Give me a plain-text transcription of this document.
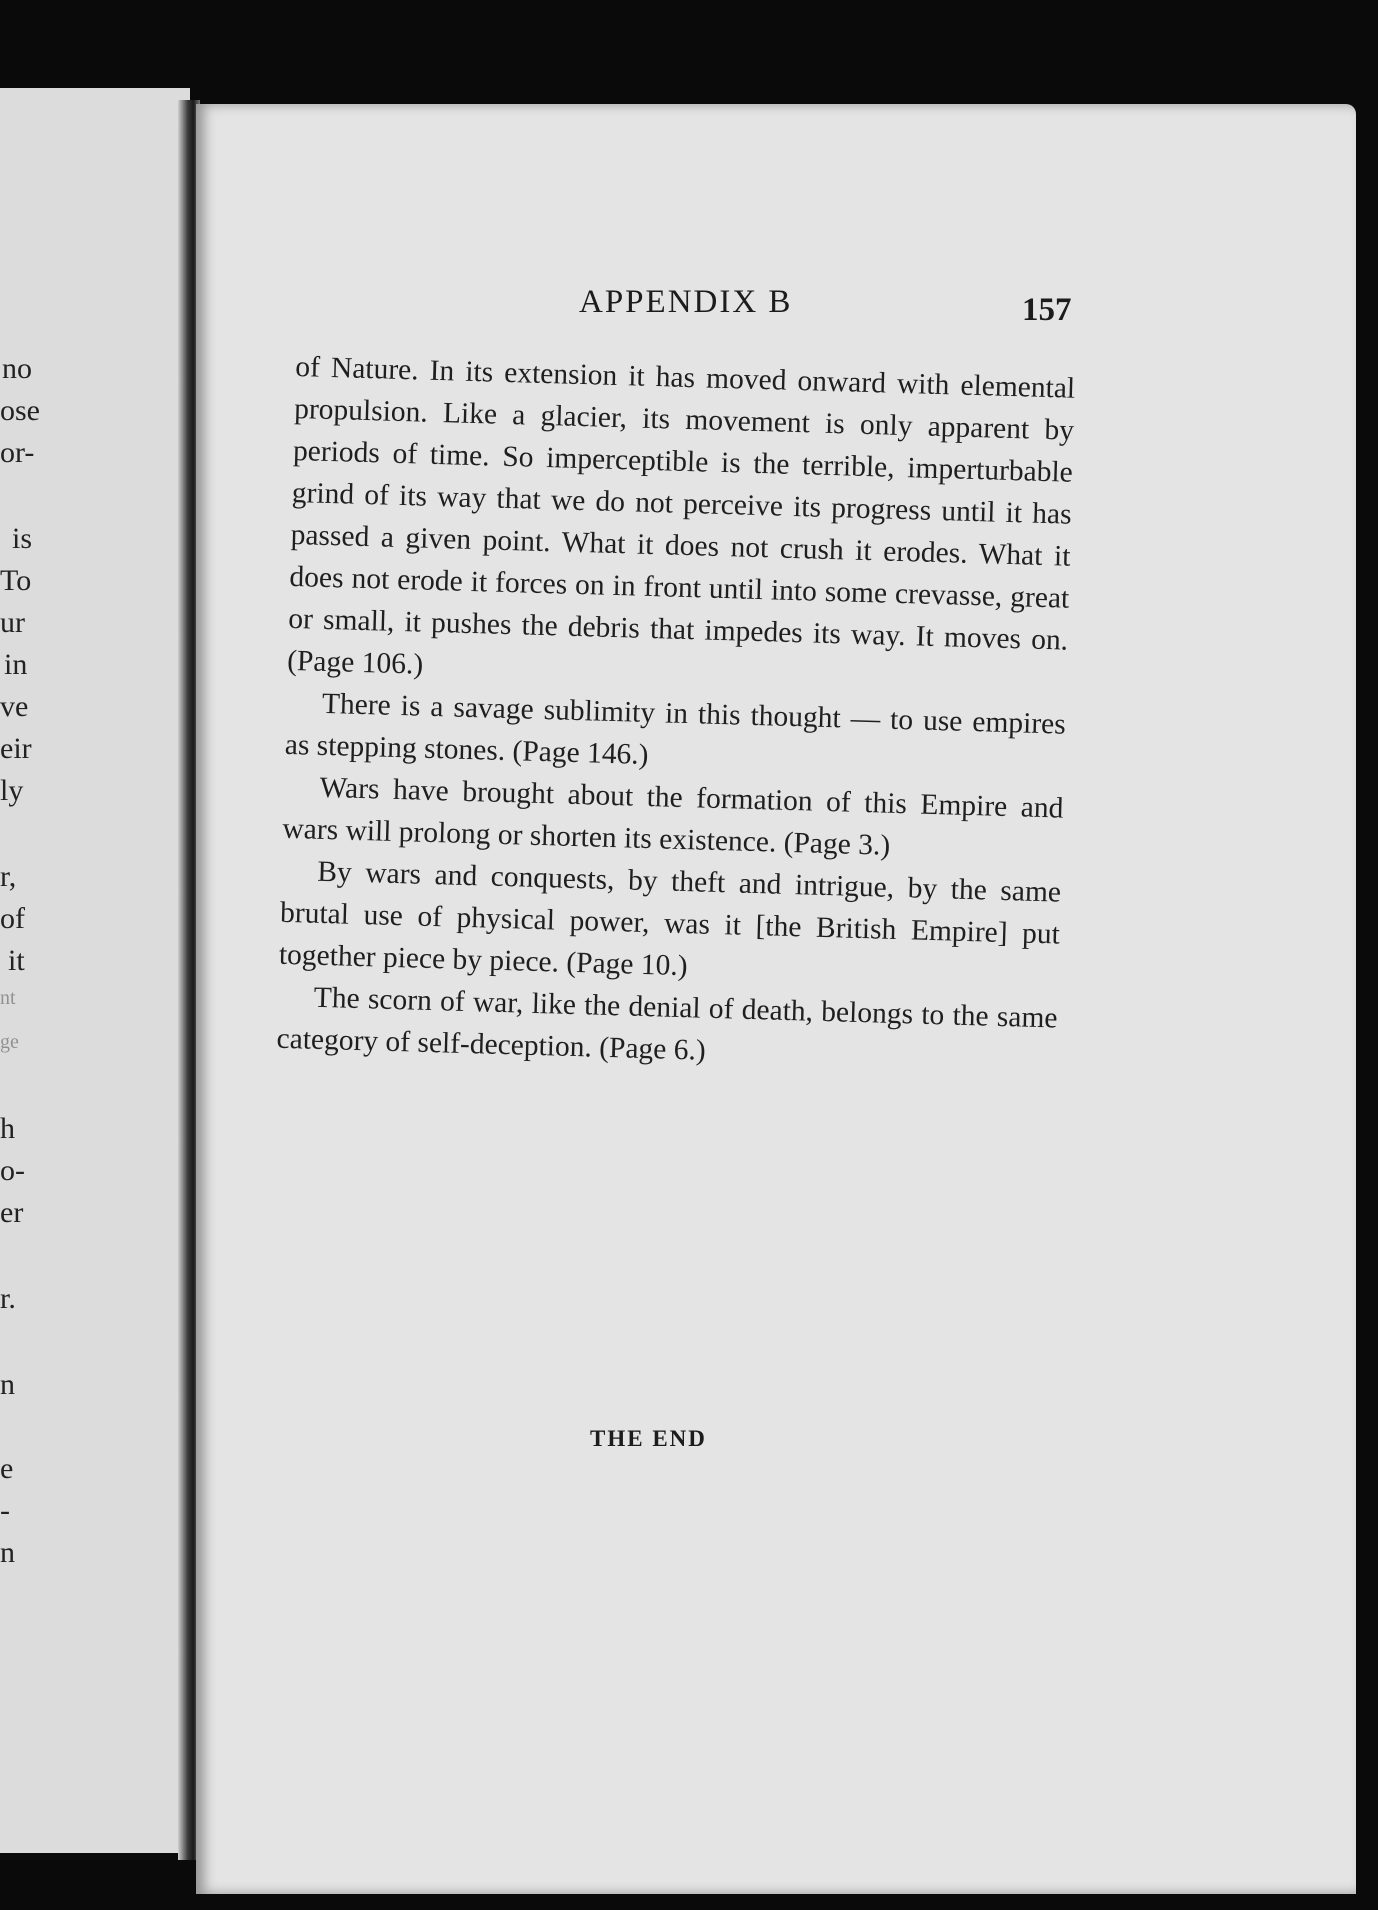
no
ose
or-
is
To
ur
in
ve
eir
ly
r,
of
it
nt
ge
h
o-
er
r.
n
e
-
n
APPENDIX B	157

of Nature. In its extension it has moved onward with elemental propulsion. Like a glacier, its movement is only apparent by periods of time. So imperceptible is the terrible, imperturbable grind of its way that we do not perceive its progress until it has passed a given point. What it does not crush it erodes. What it does not erode it forces on in front until into some crevasse, great or small, it pushes the debris that impedes its way. It moves on. (Page 106.)

There is a savage sublimity in this thought — to use empires as stepping stones. (Page 146.)

Wars have brought about the formation of this Empire and wars will prolong or shorten its existence. (Page 3.)

By wars and conquests, by theft and intrigue, by the same brutal use of physical power, was it [the British Empire] put together piece by piece. (Page 10.)

The scorn of war, like the denial of death, belongs to the same category of self-deception. (Page 6.)

THE END
